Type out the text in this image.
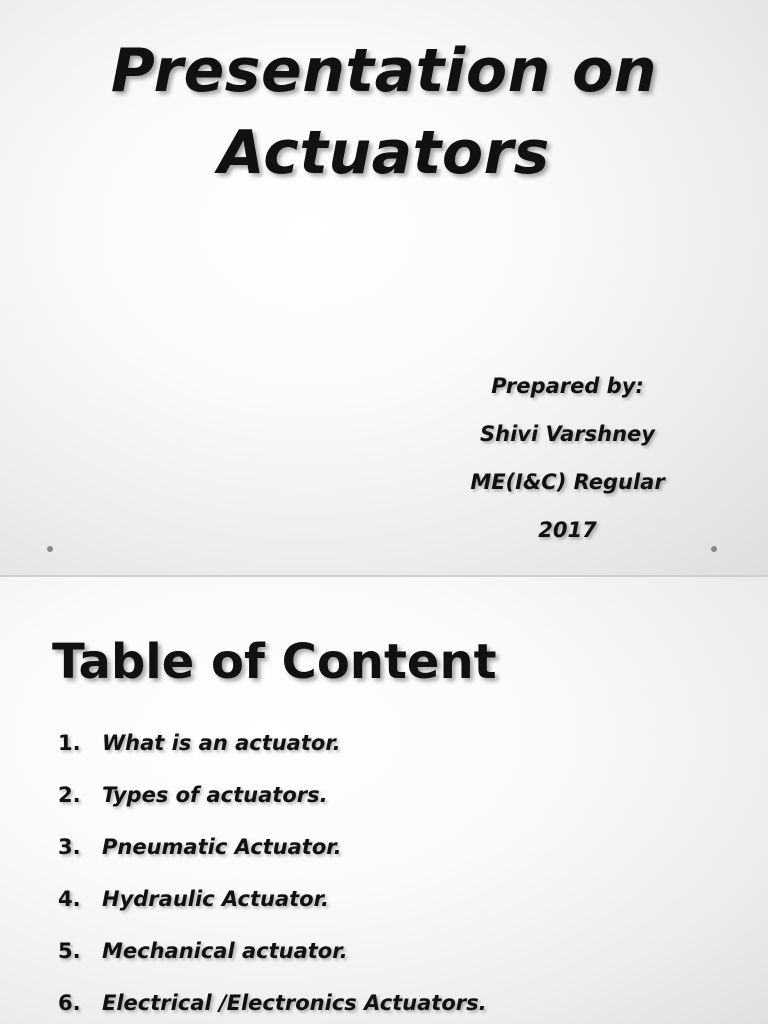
Presentation on
Actuators
Prepared by:
Shivi Varshney
ME(I&C) Regular
2017
Table of Content
1. What is an actuator.
2. Types of actuators.
3. Pneumatic Actuator.
4. Hydraulic Actuator.
5. Mechanical actuator.
6. Electrical /Electronics Actuators.
